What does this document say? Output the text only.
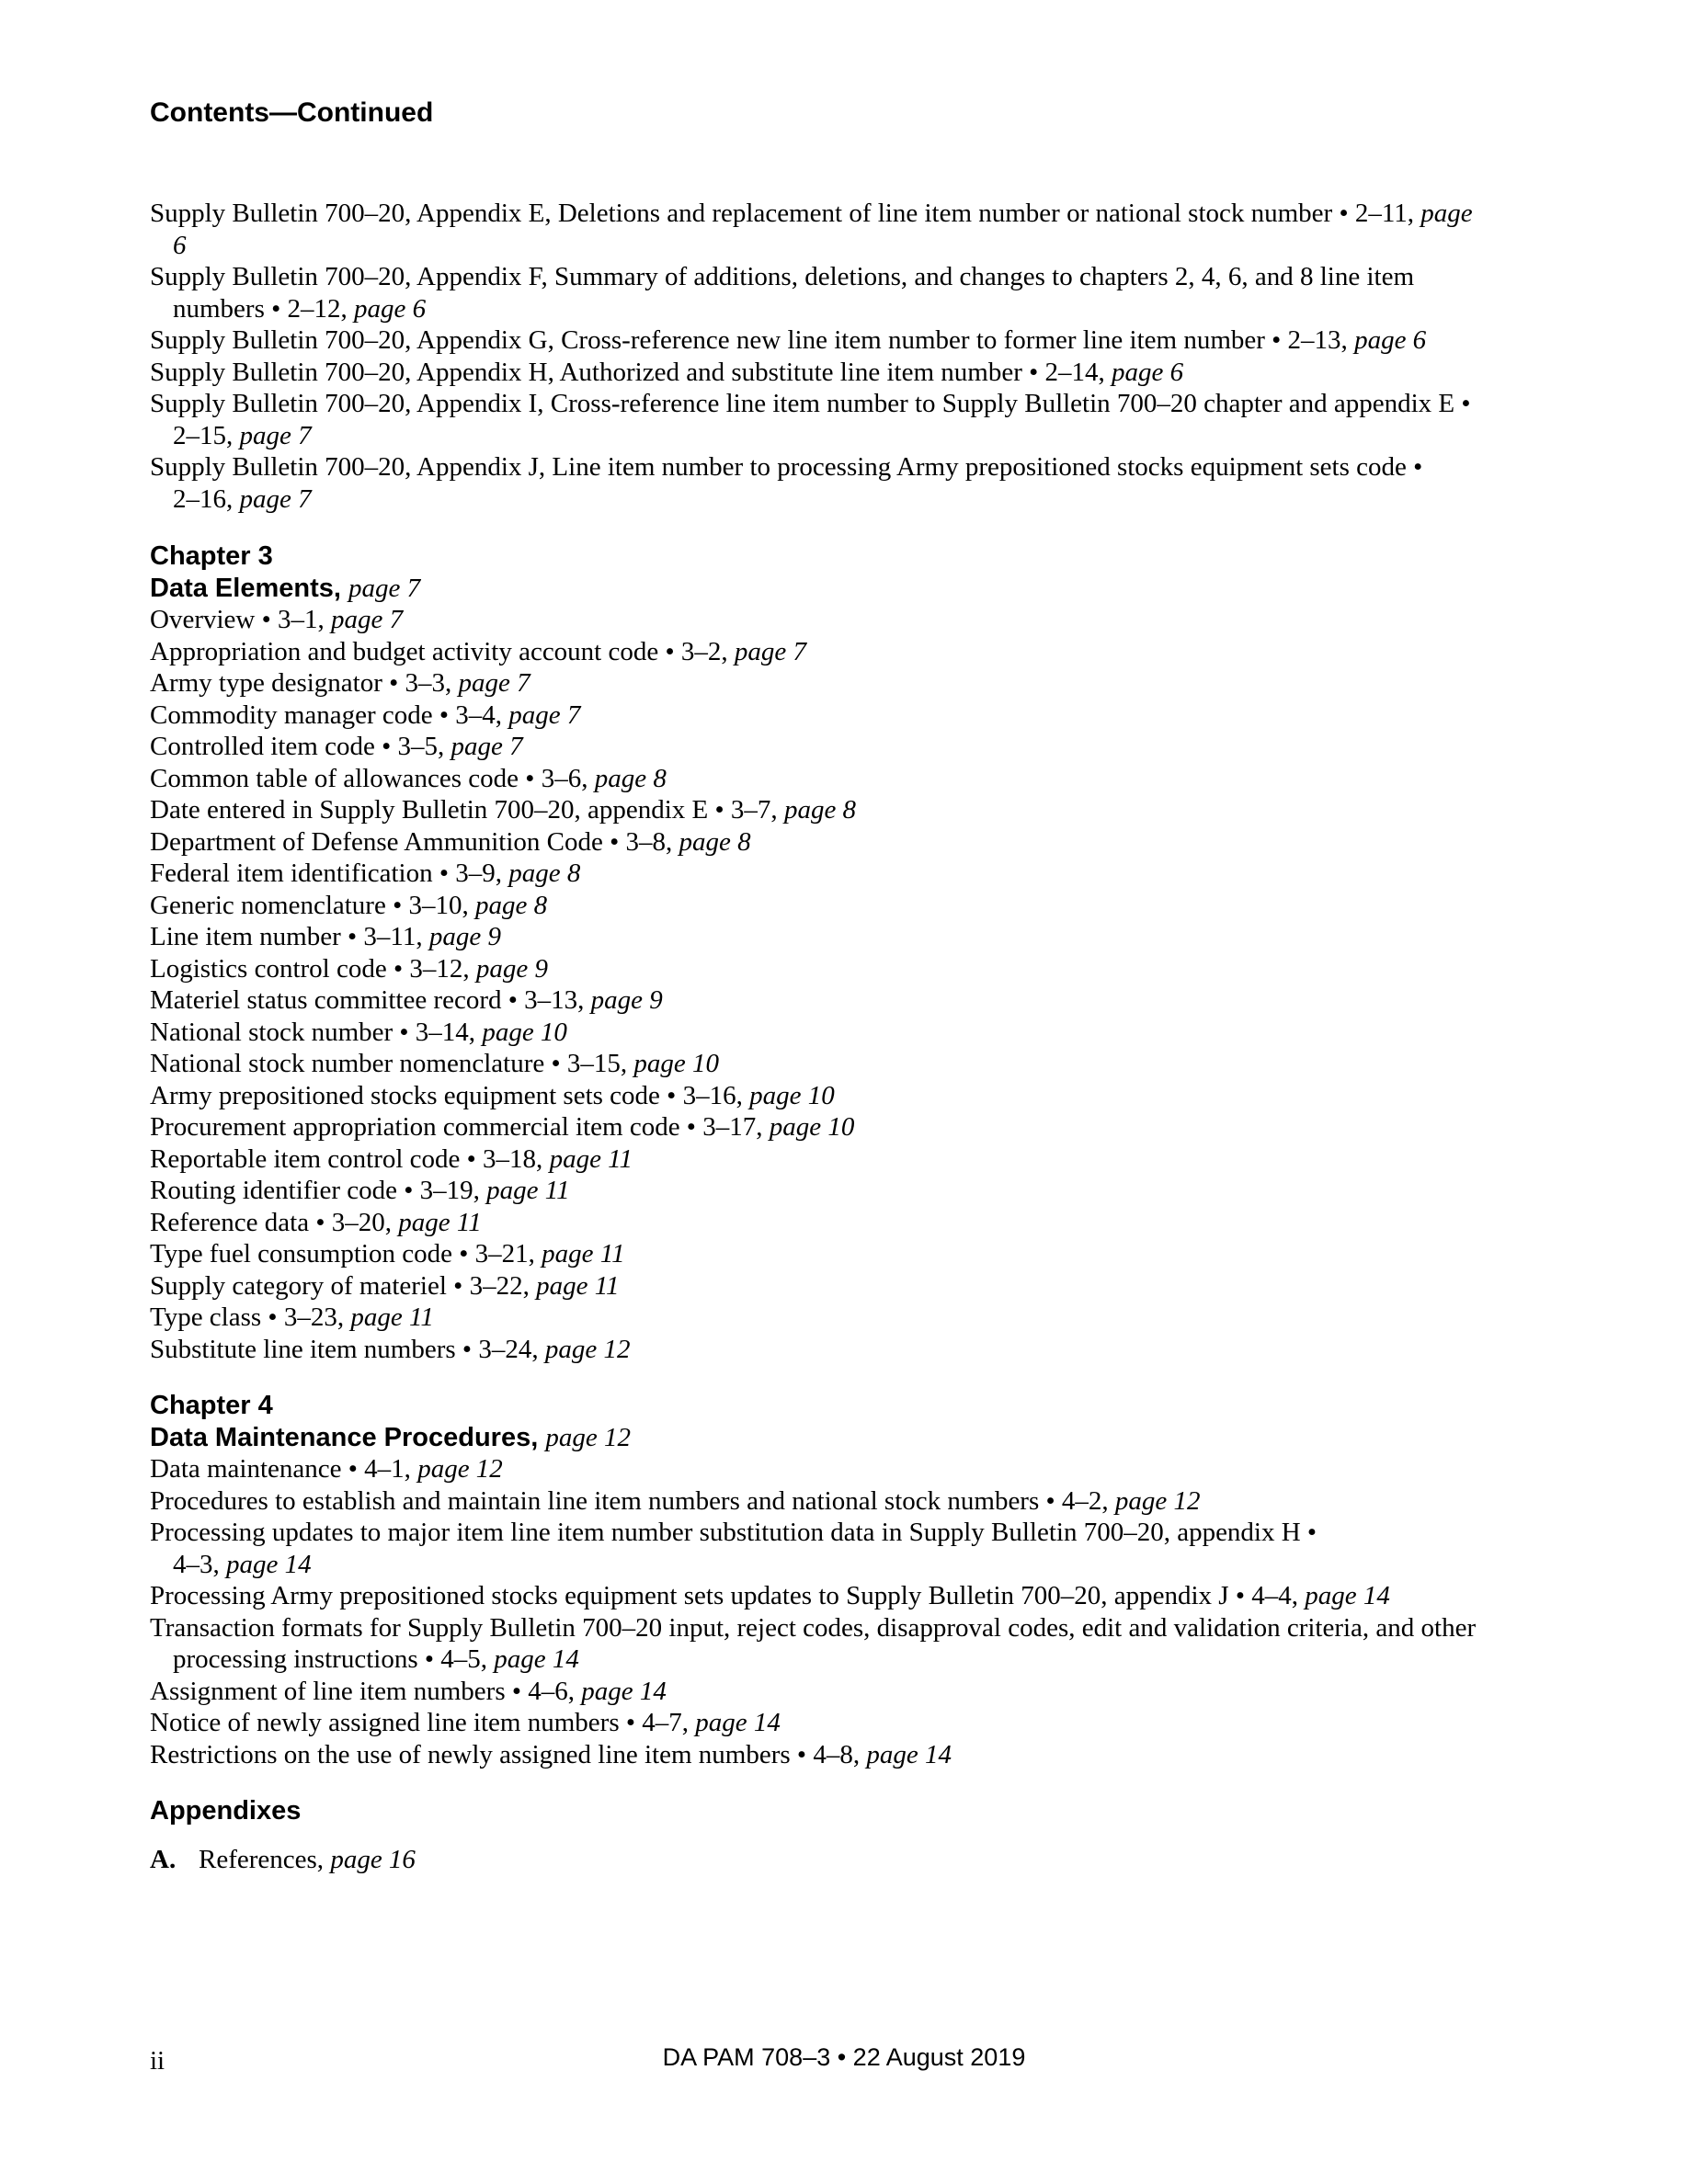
Contents—Continued
Supply Bulletin 700–20, Appendix E, Deletions and replacement of line item number or national stock number • 2–11, page 6
Supply Bulletin 700–20, Appendix F, Summary of additions, deletions, and changes to chapters 2, 4, 6, and 8 line item numbers • 2–12, page 6
Supply Bulletin 700–20, Appendix G, Cross-reference new line item number to former line item number • 2–13, page 6
Supply Bulletin 700–20, Appendix H, Authorized and substitute line item number • 2–14, page 6
Supply Bulletin 700–20, Appendix I, Cross-reference line item number to Supply Bulletin 700–20 chapter and appendix E • 2–15, page 7
Supply Bulletin 700–20, Appendix J, Line item number to processing Army prepositioned stocks equipment sets code • 2–16, page 7
Chapter 3
Data Elements, page 7
Overview • 3–1, page 7
Appropriation and budget activity account code • 3–2, page 7
Army type designator • 3–3, page 7
Commodity manager code • 3–4, page 7
Controlled item code • 3–5, page 7
Common table of allowances code • 3–6, page 8
Date entered in Supply Bulletin 700–20, appendix E • 3–7, page 8
Department of Defense Ammunition Code • 3–8, page 8
Federal item identification • 3–9, page 8
Generic nomenclature • 3–10, page 8
Line item number • 3–11, page 9
Logistics control code • 3–12, page 9
Materiel status committee record • 3–13, page 9
National stock number • 3–14, page 10
National stock number nomenclature • 3–15, page 10
Army prepositioned stocks equipment sets code • 3–16, page 10
Procurement appropriation commercial item code • 3–17, page 10
Reportable item control code • 3–18, page 11
Routing identifier code • 3–19, page 11
Reference data • 3–20, page 11
Type fuel consumption code • 3–21, page 11
Supply category of materiel • 3–22, page 11
Type class • 3–23, page 11
Substitute line item numbers • 3–24, page 12
Chapter 4
Data Maintenance Procedures, page 12
Data maintenance • 4–1, page 12
Procedures to establish and maintain line item numbers and national stock numbers • 4–2, page 12
Processing updates to major item line item number substitution data in Supply Bulletin 700–20, appendix H • 4–3, page 14
Processing Army prepositioned stocks equipment sets updates to Supply Bulletin 700–20, appendix J • 4–4, page 14
Transaction formats for Supply Bulletin 700–20 input, reject codes, disapproval codes, edit and validation criteria, and other processing instructions • 4–5, page 14
Assignment of line item numbers • 4–6, page 14
Notice of newly assigned line item numbers • 4–7, page 14
Restrictions on the use of newly assigned line item numbers • 4–8, page 14
Appendixes
A. References, page 16
ii	DA PAM 708–3 • 22 August 2019
